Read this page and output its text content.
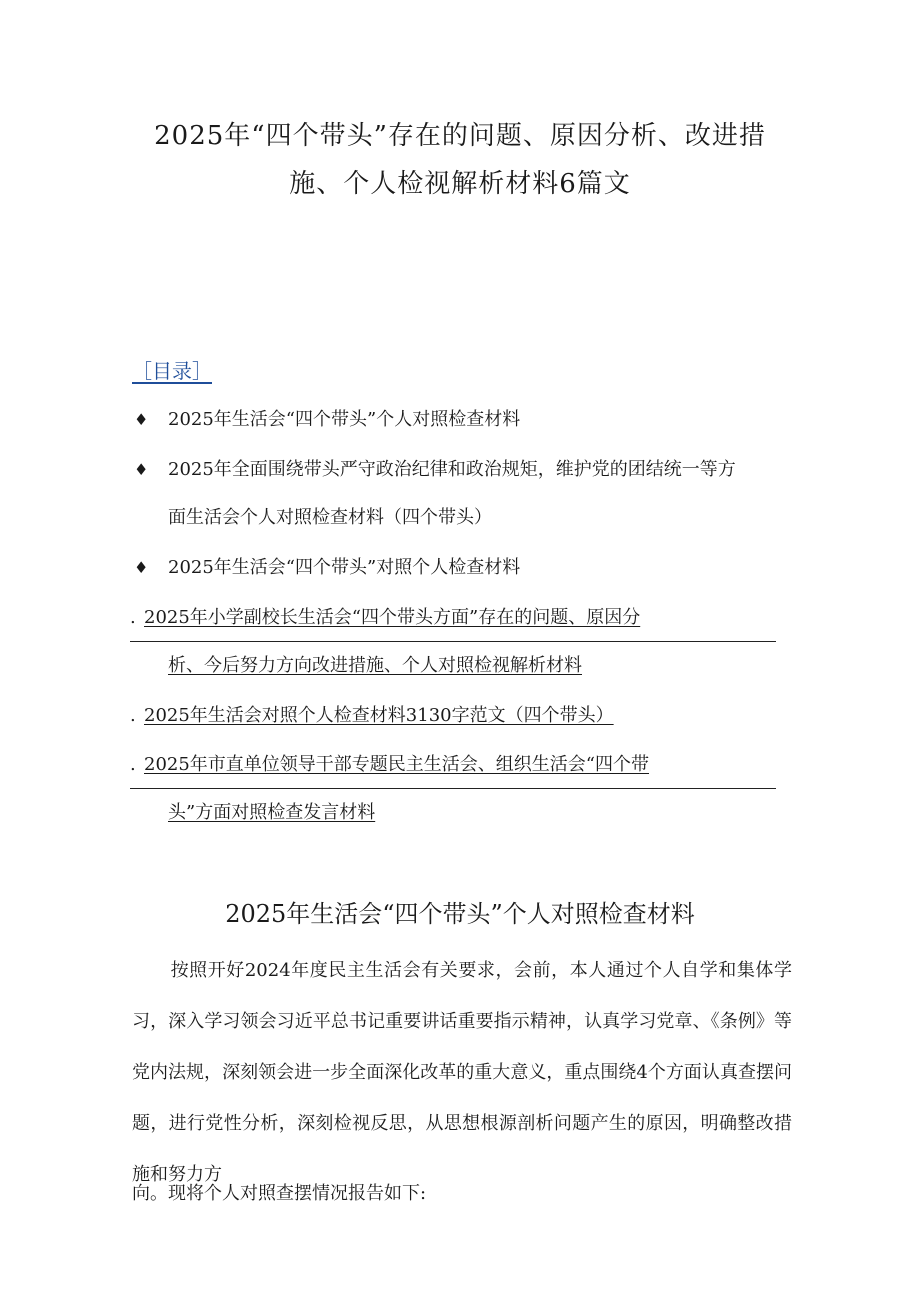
2025年“四个带头”存在的问题、原因分析、改进措
施、个人检视解析材料6篇文
［目录］
♦	2025年生活会“四个带头”个人对照检查材料
♦	2025年全面围绕带头严守政治纪律和政治规矩，维护党的团结统一等方
面生活会个人对照检查材料（四个带头）
♦	2025年生活会“四个带头”对照个人检查材料
. 2025年小学副校长生活会“四个带头方面”存在的问题、原因分
析、今后努力方向改进措施、个人对照检视解析材料
. 2025年生活会对照个人检查材料3130字范文（四个带头）
. 2025年市直单位领导干部专题民主生活会、组织生活会“四个带
头”方面对照检查发言材料
2025年生活会“四个带头”个人对照检查材料

按照开好2024年度民主生活会有关要求，会前，本人通过个人自学和集体学习，深入学习领会习近平总书记重要讲话重要指示精神，认真学习党章、《条例》等党内法规，深刻领会进一步全面深化改革的重大意义，重点围绕4个方面认真查摆问题，进行党性分析，深刻检视反思，从思想根源剖析问题产生的原因，明确整改措施和努力方

向。现将个人对照查摆情况报告如下:
